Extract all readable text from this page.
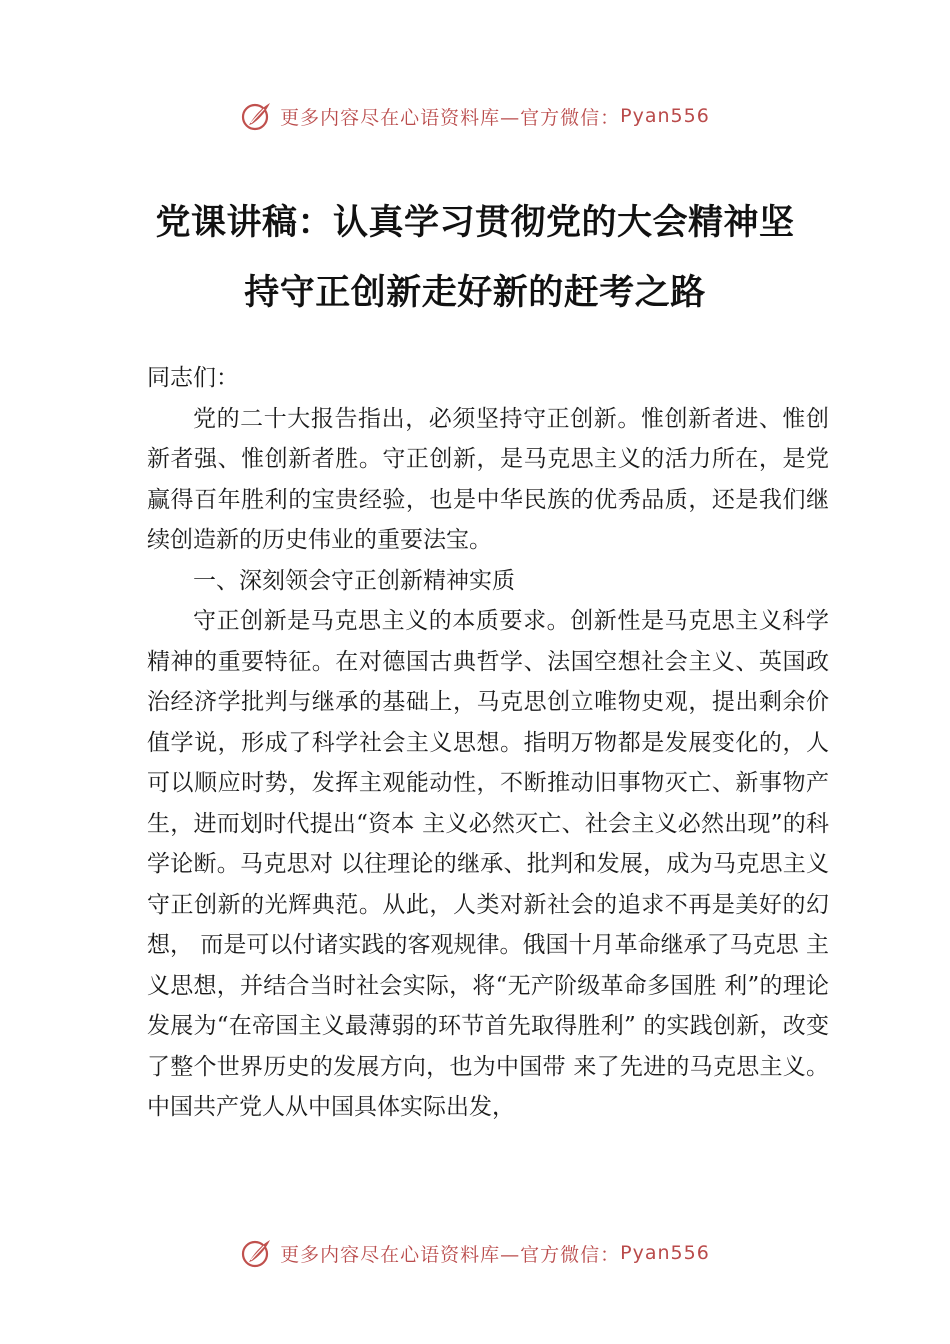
更多内容尽在心语资料库—官方微信： Pyan556
党课讲稿：认真学习贯彻党的大会精神坚
持守正创新走好新的赶考之路

同志们：

党的二十大报告指出，必须坚持守正创新。惟创新者进、惟创新者强、惟创新者胜。守正创新，是马克思主义的活力所在，是党赢得百年胜利的宝贵经验，也是中华民族的优秀品质，还是我们继续创造新的历史伟业的重要法宝。

一、深刻领会守正创新精神实质

守正创新是马克思主义的本质要求。创新性是马克思主义科学精神的重要特征。在对德国古典哲学、法国空想社会主义、英国政治经济学批判与继承的基础上，马克思创立唯物史观，提出剩余价值学说，形成了科学社会主义思想。指明万物都是发展变化的，人可以顺应时势，发挥主观能动性，不断推动旧事物灭亡、新事物产生，进而划时代提出“资本 主义必然灭亡、社会主义必然出现”的科学论断。马克思对 以往理论的继承、批判和发展，成为马克思主义守正创新的光辉典范。从此，人类对新社会的追求不再是美好的幻想， 而是可以付诸实践的客观规律。俄国十月革命继承了马克思 主义思想，并结合当时社会实际，将“无产阶级革命多国胜 利”的理论发展为“在帝国主义最薄弱的环节首先取得胜利” 的实践创新，改变了整个世界历史的发展方向，也为中国带 来了先进的马克思主义。中国共产党人从中国具体实际出发，

更多内容尽在心语资料库—官方微信： Pyan556
